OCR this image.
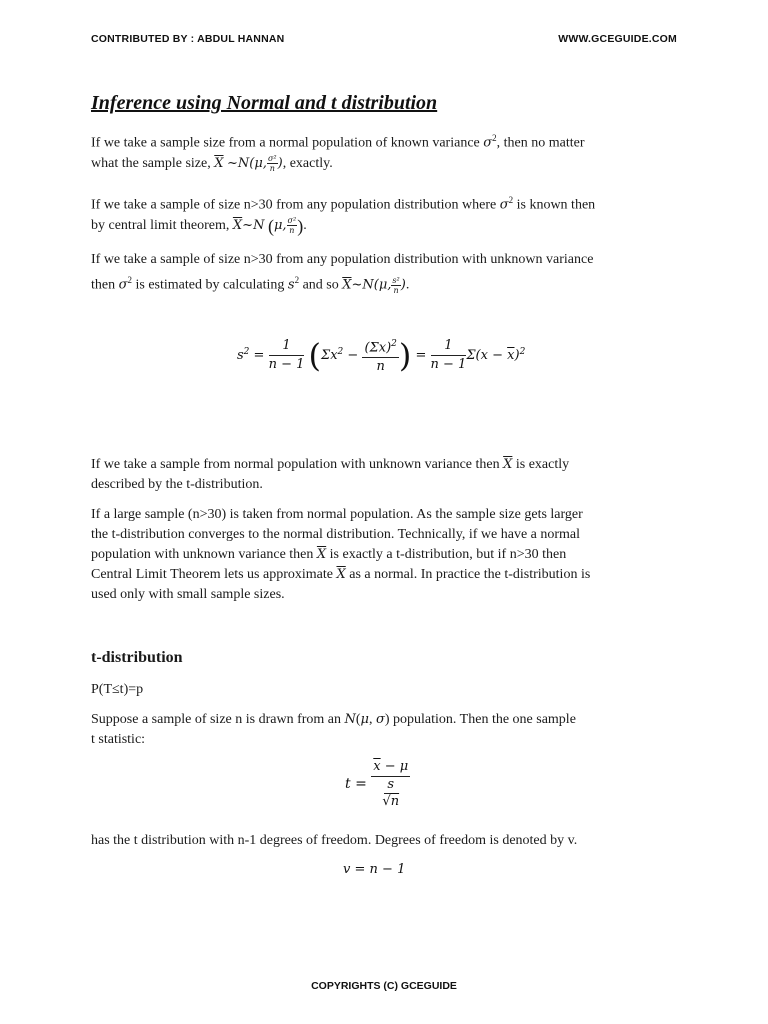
CONTRIBUTED BY : ABDUL HANNAN	WWW.GCEGUIDE.COM
Inference using Normal and t distribution

If we take a sample size from a normal population of known variance $\sigma^2$, then no matter
what the sample size, $\overline{X}$ ~N(μ, $\frac{\text{σ²}}{n}$ ), exactly.

If we take a sample of size n>30 from any population distribution where $\sigma^2$ is known then
by central limit theorem, $\overline{X}\sim N$ (μ, $\frac{\text{σ²}}{n}$ ).

If we take a sample of size n>30 from any population distribution with unknown variance
then $\sigma^2$ is estimated by calculating $s^2$ and so $\overline{X}\sim N(\mu$, $\frac{\text{s²}}{n}$ ).

$s^2 = \frac{1}{n - 1} (\Sigma x^2 - \frac{(\Sigma x)^2}{n}$ ) = $\frac{1}{n - 1} \Sigma(x - \overline{x})^2$

If we take a sample from normal population with unknown variance then $\overline{X}$ is exactly
described by the t-distribution.

If a large sample (n>30) is taken from normal population. As the sample size gets larger
the t-distribution converges to the normal distribution. Technically, if we have a normal
population with unknown variance then $\overline{X}$ is exactly a t-distribution, but if n>30 then
Central Limit Theorem lets us approximate $\overline{X}$ as a normal. In practice the t-distribution is
used only with small sample sizes.

t-distribution

P(T≤t)=p

Suppose a sample of size n is drawn from an N(μ, σ) population. Then the one sample
t statistic:

t =
$\overline{x} - \mu$
s
√n

has the t distribution with n-1 degrees of freedom. Degrees of freedom is denoted by v.

v = n − 1
COPYRIGHTS (C) GCEGUIDE
